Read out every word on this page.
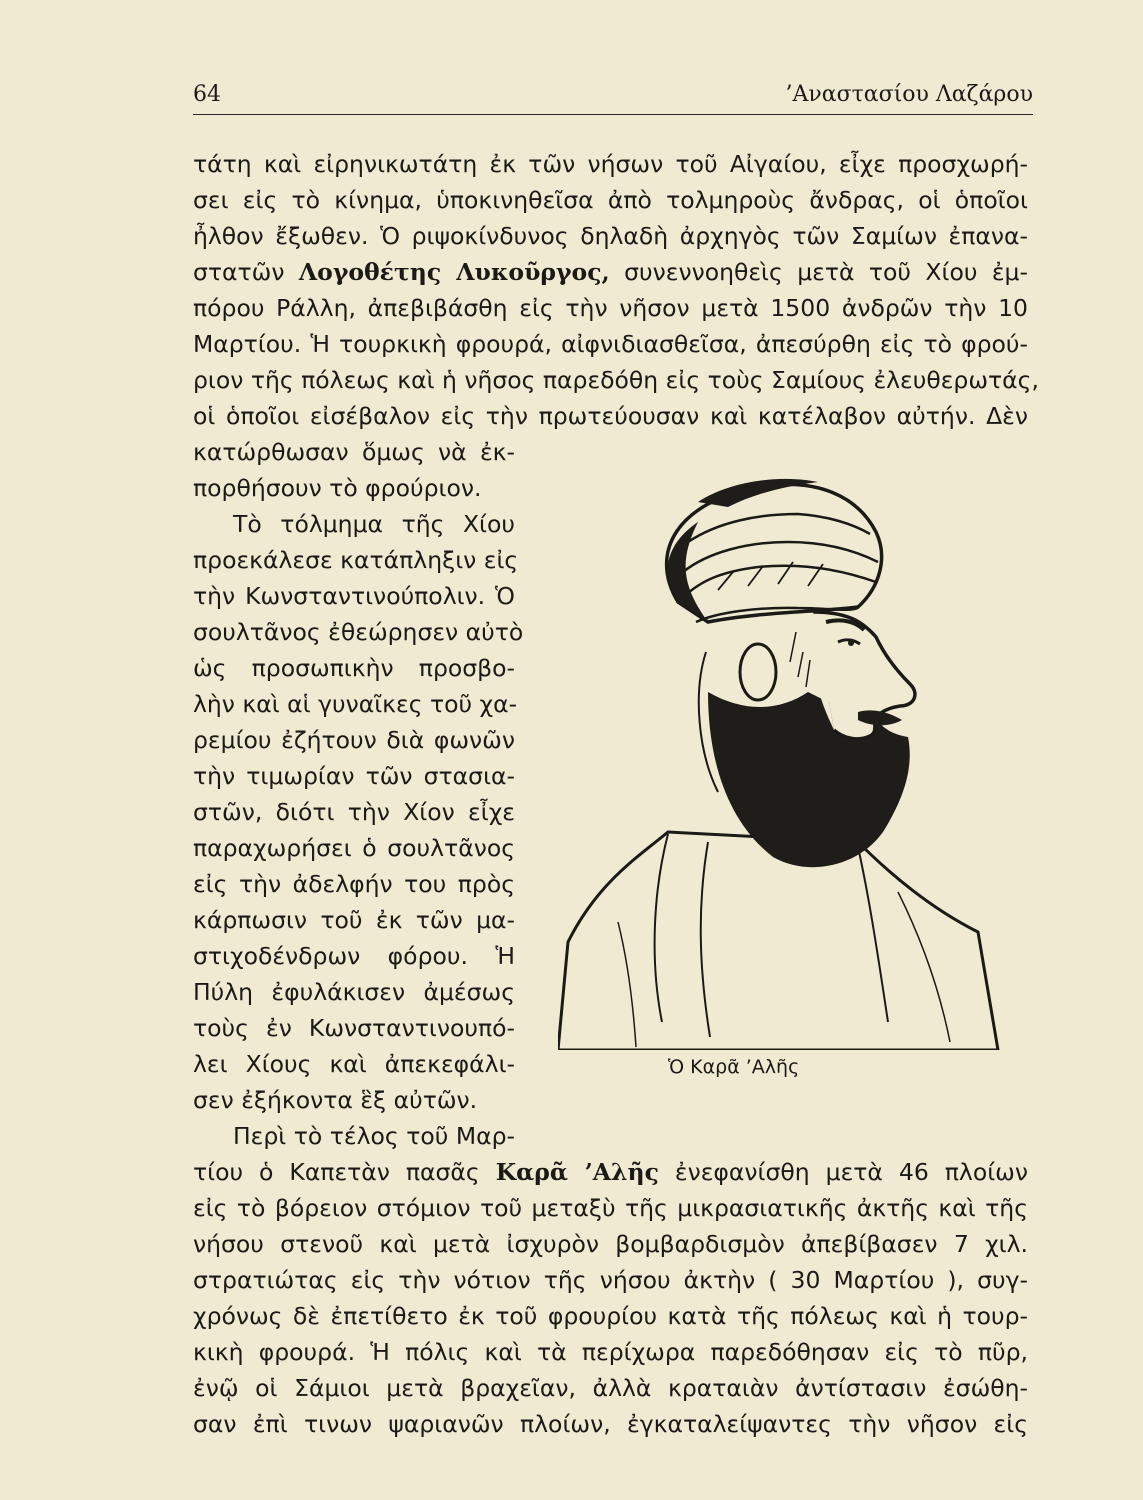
64	’Αναστασίου Λαζάρου
τάτη καὶ εἰρηνικωτάτη ἐκ τῶν νήσων τοῦ Αἰγαίου, εἶχε προσχωρή-
σει εἰς τὸ κίνημα, ὑποκινηθεῖσα ἀπὸ τολμηροὺς ἄνδρας, οἱ ὁποῖοι
ἦλθον ἔξωθεν. Ὁ ριψοκίνδυνος δηλαδὴ ἀρχηγὸς τῶν Σαμίων ἐπανα-
στατῶν Λογοθέτης Λυκοῦργος, συνεννοηθεὶς μετὰ τοῦ Χίου ἐμ-
πόρου Ράλλη, ἀπεβιβάσθη εἰς τὴν νῆσον μετὰ 1500 ἀνδρῶν τὴν 10
Μαρτίου. Ἡ τουρκικὴ φρουρά, αἰφνιδιασθεῖσα, ἀπεσύρθη εἰς τὸ φρού-
ριον τῆς πόλεως καὶ ἡ νῆσος παρεδόθη εἰς τοὺς Σαμίους ἐλευθερωτάς,
οἱ ὁποῖοι εἰσέβαλον εἰς τὴν πρωτεύουσαν καὶ κατέλαβον αὐτήν. Δὲν
κατώρθωσαν ὅμως νὰ ἐκ-
πορθήσουν τὸ φρούριον.
Τὸ τόλμημα τῆς Χίου
προεκάλεσε κατάπληξιν εἰς
τὴν Κωνσταντινούπολιν. Ὁ
σουλτᾶνος ἐθεώρησεν αὐτὸ
ὡς προσωπικὴν προσβο-
λὴν καὶ αἱ γυναῖκες τοῦ χα-
ρεμίου ἐζήτουν διὰ φωνῶν
τὴν τιμωρίαν τῶν στασια-
στῶν, διότι τὴν Χίον εἶχε
παραχωρήσει ὁ σουλτᾶνος
εἰς τὴν ἀδελφήν του πρὸς
κάρπωσιν τοῦ ἐκ τῶν μα-
στιχοδένδρων φόρου. Ἡ
Πύλη ἐφυλάκισεν ἀμέσως
τοὺς ἐν Κωνσταντινουπό-
λει Χίους καὶ ἀπεκεφάλι-
σεν ἐξήκοντα ἓξ αὐτῶν.
Περὶ τὸ τέλος τοῦ Μαρ-
τίου ὁ Καπετὰν πασᾶς Καρᾶ ’Αλῆς ἐνεφανίσθη μετὰ 46 πλοίων
εἰς τὸ βόρειον στόμιον τοῦ μεταξὺ τῆς μικρασιατικῆς ἀκτῆς καὶ τῆς
νήσου στενοῦ καὶ μετὰ ἰσχυρὸν βομβαρδισμὸν ἀπεβίβασεν 7 χιλ.
στρατιώτας εἰς τὴν νότιον τῆς νήσου ἀκτὴν ( 30 Μαρτίου ), συγ-
χρόνως δὲ ἐπετίθετο ἐκ τοῦ φρουρίου κατὰ τῆς πόλεως καὶ ἡ τουρ-
κικὴ φρουρά. Ἡ πόλις καὶ τὰ περίχωρα παρεδόθησαν εἰς τὸ πῦρ,
ἐνῷ οἱ Σάμιοι μετὰ βραχεῖαν, ἀλλὰ κραταιὰν ἀντίστασιν ἐσώθη-
σαν ἐπὶ τινων ψαριανῶν πλοίων, ἐγκαταλείψαντες τὴν νῆσον εἰς
Ὁ Καρᾶ ’Αλῆς
